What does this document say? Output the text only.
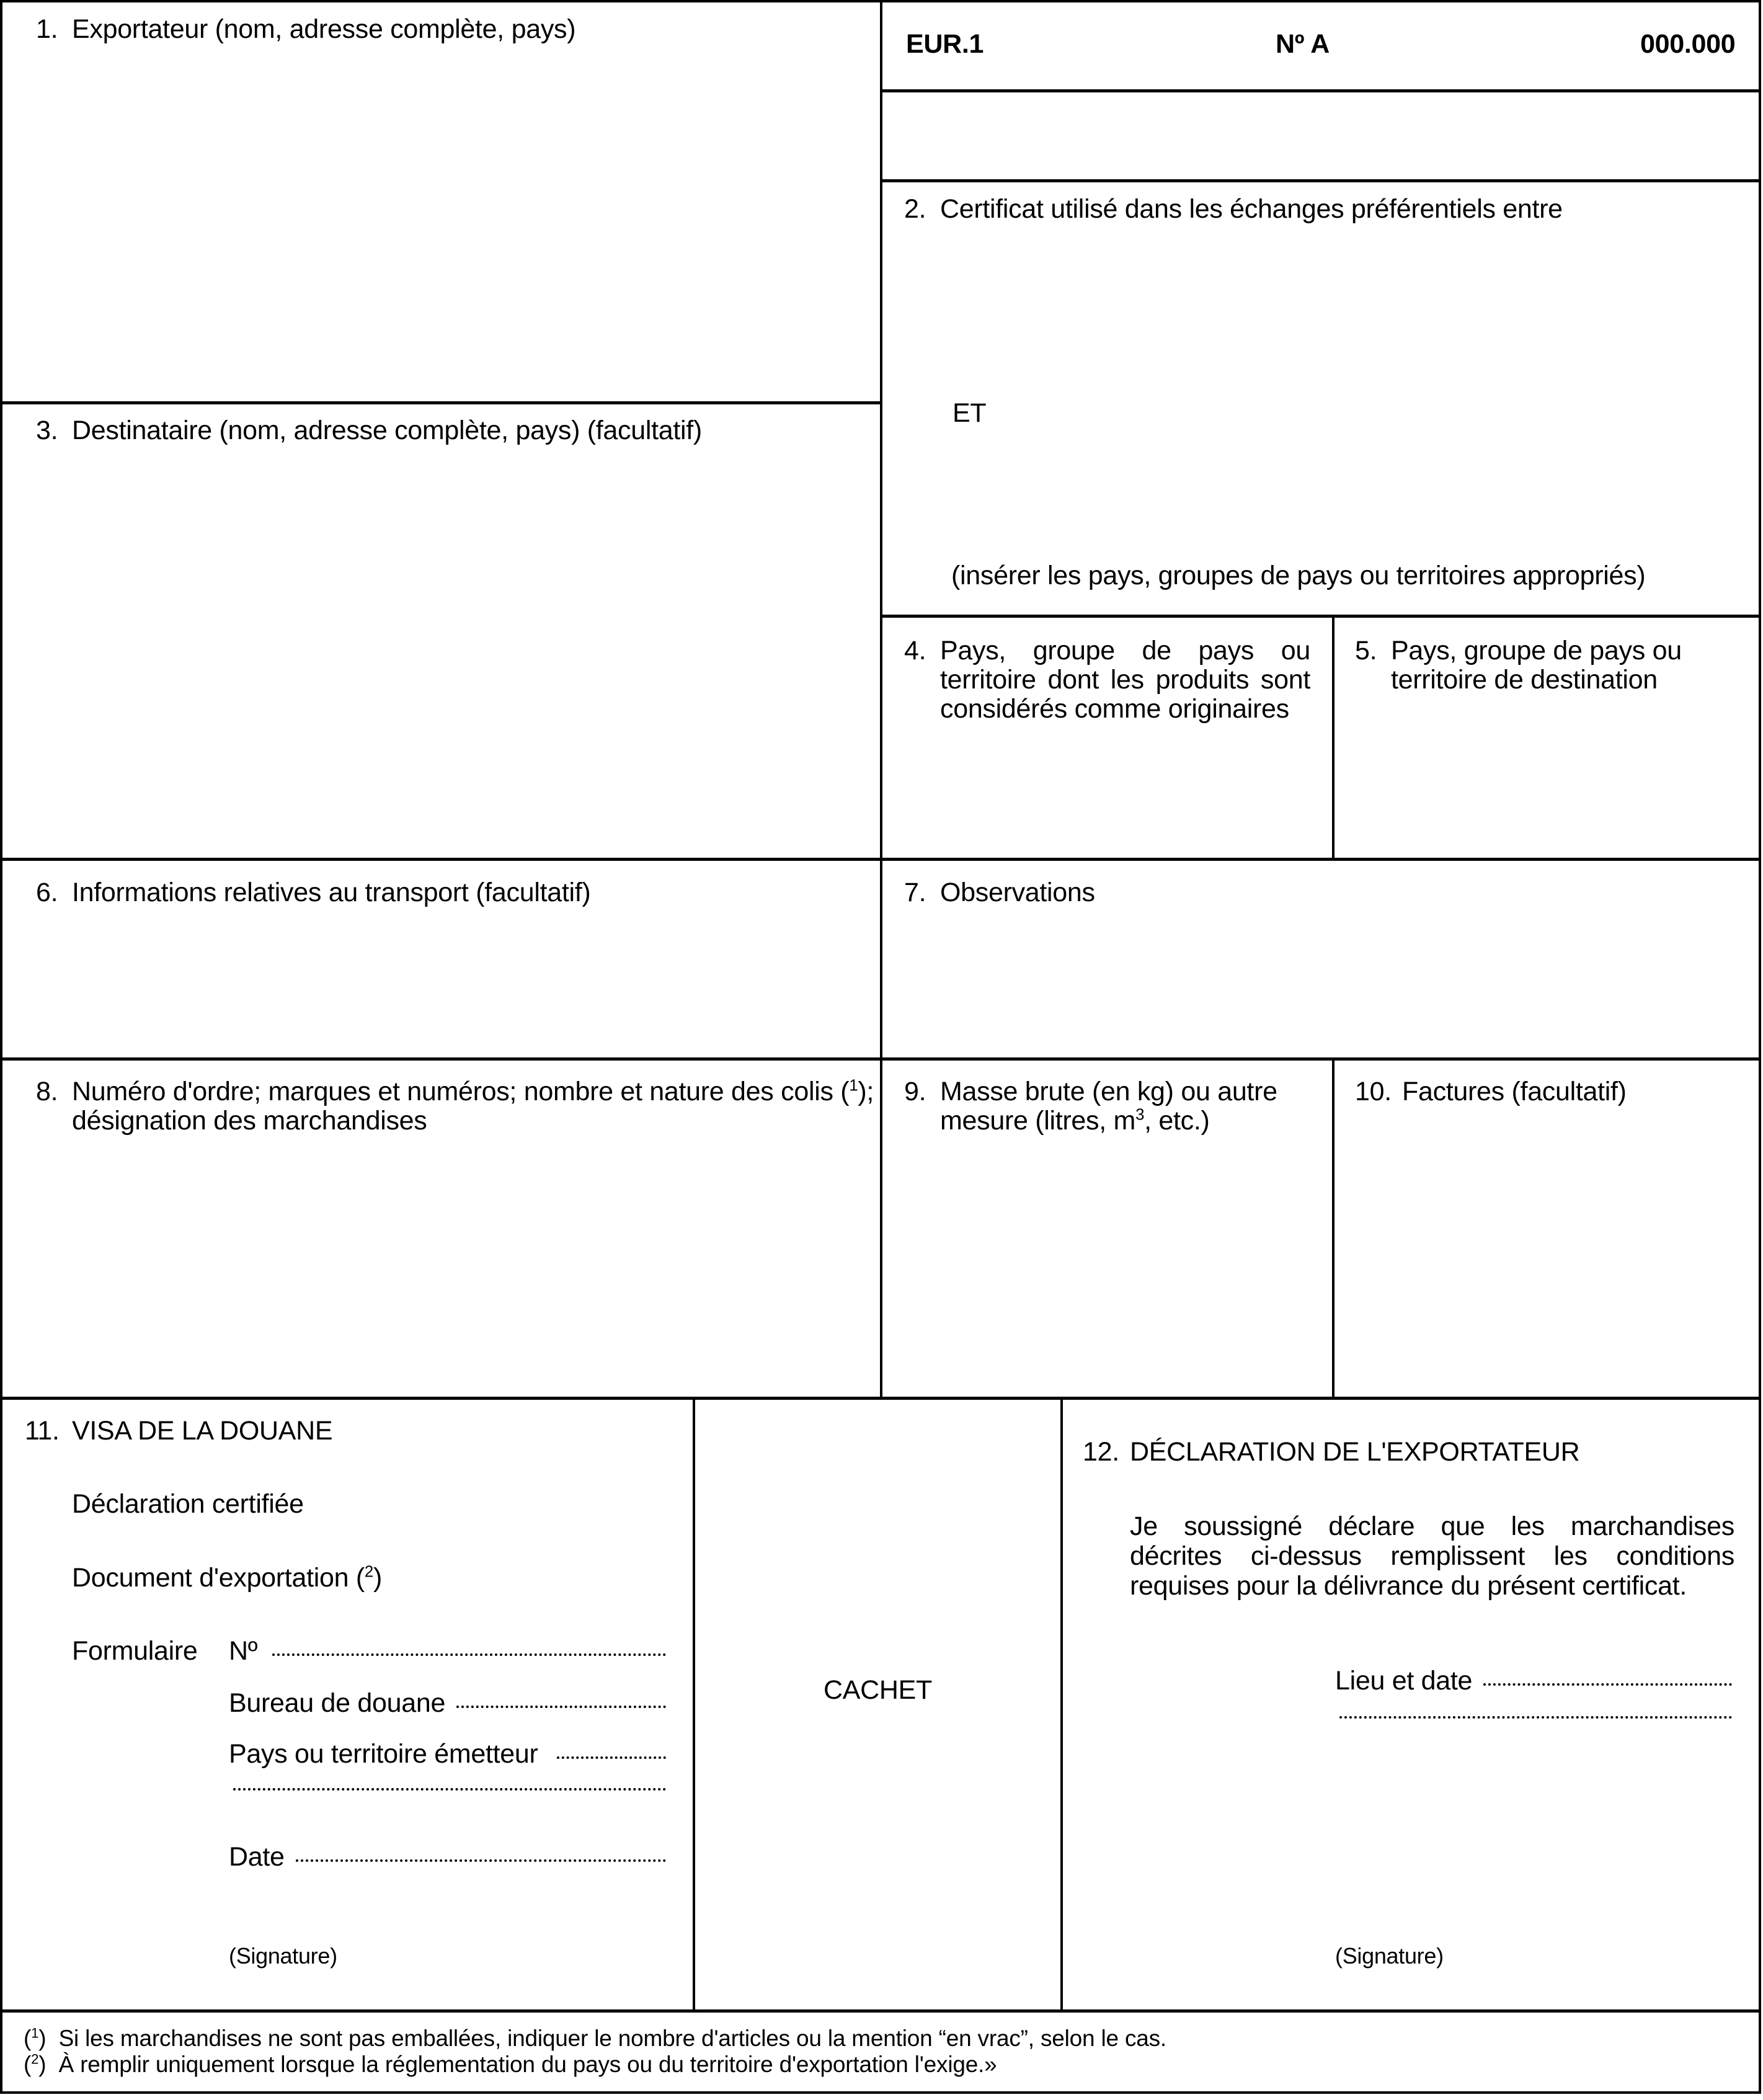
1. Exportateur (nom, adresse complète, pays)	EUR.1	Nº A	000.000
2. Certificat utilisé dans les échanges préférentiels entre
ET
(insérer les pays, groupes de pays ou territoires appropriés)
3. Destinataire (nom, adresse complète, pays) (facultatif)
4. Pays, groupe de pays ou territoire dont les produits sont considérés comme originaires
5. Pays, groupe de pays ou territoire de destination
6. Informations relatives au transport (facultatif)	7. Observations
8. Numéro d'ordre; marques et numéros; nombre et nature des colis ($^1$);
désignation des marchandises
9. Masse brute (en kg) ou autre
mesure (litres, $m^3$, etc.)
10. Factures (facultatif)
11. VISA DE LA DOUANE
Déclaration certifiée
Document d'exportation ($^2$)
Formulaire Nº
Bureau de douane
Pays ou territoire émetteur
Date
(Signature)
CACHET
12. DÉCLARATION DE L'EXPORTATEUR
Je soussigné déclare que les marchandises décrites ci-dessus remplissent les conditions requises pour la délivrance du présent certificat.
Lieu et date
(Signature)
($^1$) Si les marchandises ne sont pas emballées, indiquer le nombre d'articles ou la mention “en vrac”, selon le cas.
($^2$) À remplir uniquement lorsque la réglementation du pays ou du territoire d'exportation l'exige.»
